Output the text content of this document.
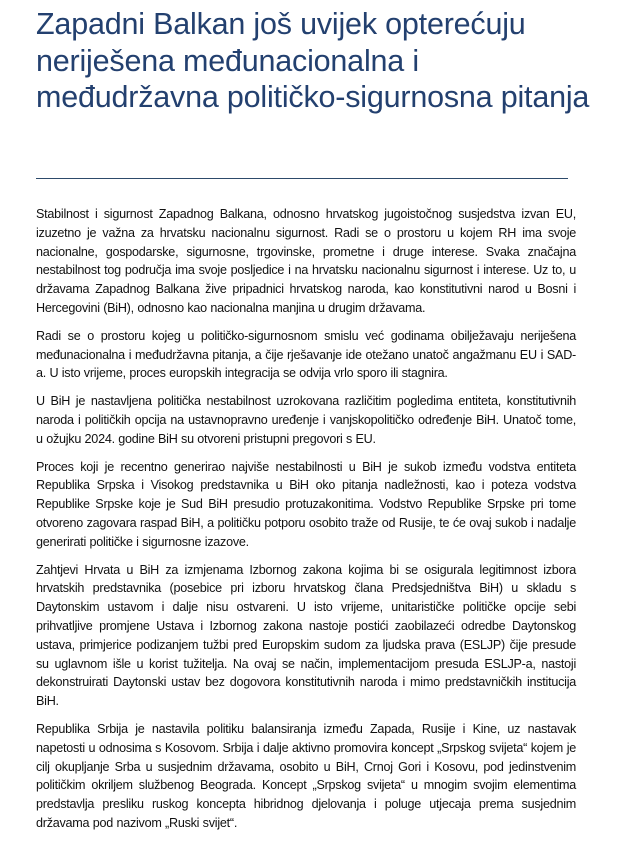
Zapadni Balkan još uvijek opterećuju neriješena međunacionalna i međudržavna političko-sigurnosna pitanja

Stabilnost i sigurnost Zapadnog Balkana, odnosno hrvatskog jugoistočnog susjedstva izvan EU, izuzetno je važna za hrvatsku nacionalnu sigurnost. Radi se o prostoru u kojem RH ima svoje nacionalne, gospodarske, sigurnosne, trgovinske, prometne i druge interese. Svaka značajna nestabilnost tog područja ima svoje posljedice i na hrvatsku nacionalnu sigurnost i interese. Uz to, u državama Zapadnog Balkana žive pripadnici hrvatskog naroda, kao konstitutivni narod u Bosni i Hercegovini (BiH), odnosno kao nacionalna manjina u drugim državama.

Radi se o prostoru kojeg u političko-sigurnosnom smislu već godinama obilježavaju neriješena međunacionalna i međudržavna pitanja, a čije rješavanje ide otežano unatoč angažmanu EU i SAD-a. U isto vrijeme, proces europskih integracija se odvija vrlo sporo ili stagnira.

U BiH je nastavljena politička nestabilnost uzrokovana različitim pogledima entiteta, konstitutivnih naroda i političkih opcija na ustavnopravno uređenje i vanjskopolitičko određenje BiH. Unatoč tome, u ožujku 2024. godine BiH su otvoreni pristupni pregovori s EU.

Proces koji je recentno generirao najviše nestabilnosti u BiH je sukob između vodstva entiteta Republika Srpska i Visokog predstavnika u BiH oko pitanja nadležnosti, kao i poteza vodstva Republike Srpske koje je Sud BiH presudio protuzakonitima. Vodstvo Republike Srpske pri tome otvoreno zagovara raspad BiH, a političku potporu osobito traže od Rusije, te će ovaj sukob i nadalje generirati političke i sigurnosne izazove.

Zahtjevi Hrvata u BiH za izmjenama Izbornog zakona kojima bi se osigurala legitimnost izbora hrvatskih predstavnika (posebice pri izboru hrvatskog člana Predsjedništva BiH) u skladu s Daytonskim ustavom i dalje nisu ostvareni. U isto vrijeme, unitarističke političke opcije sebi prihvatljive promjene Ustava i Izbornog zakona nastoje postići zaobilazeći odredbe Daytonskog ustava, primjerice podizanjem tužbi pred Europskim sudom za ljudska prava (ESLJP) čije presude su uglavnom išle u korist tužitelja. Na ovaj se način, implementacijom presuda ESLJP-a, nastoji dekonstruirati Daytonski ustav bez dogovora konstitutivnih naroda i mimo predstavničkih institucija BiH.

Republika Srbija je nastavila politiku balansiranja između Zapada, Rusije i Kine, uz nastavak napetosti u odnosima s Kosovom. Srbija i dalje aktivno promovira koncept „Srpskog svijeta“ kojem je cilj okupljanje Srba u susjednim državama, osobito u BiH, Crnoj Gori i Kosovu, pod jedinstvenim političkim okriljem službenog Beograda. Koncept „Srpskog svijeta“ u mnogim svojim elementima predstavlja presliku ruskog koncepta hibridnog djelovanja i poluge utjecaja prema susjednim državama pod nazivom „Ruski svijet“.
